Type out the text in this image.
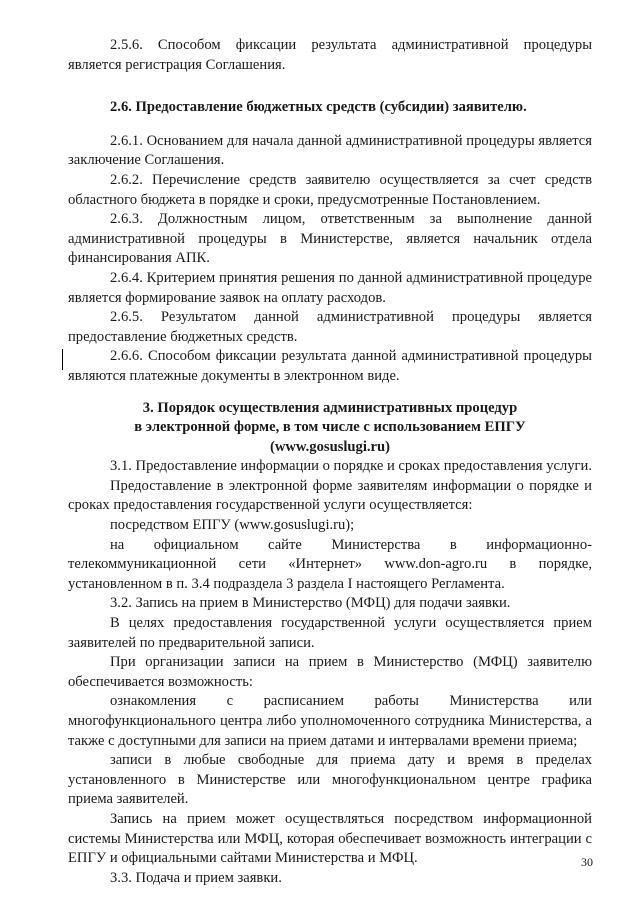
2.5.6. Способом фиксации результата административной процедуры является регистрация Соглашения.

2.6. Предоставление бюджетных средств (субсидии) заявителю.

2.6.1. Основанием для начала данной административной процедуры является заключение Соглашения.

2.6.2. Перечисление средств заявителю осуществляется за счет средств областного бюджета в порядке и сроки, предусмотренные Постановлением.

2.6.3. Должностным лицом, ответственным за выполнение данной административной процедуры в Министерстве, является начальник отдела финансирования АПК.

2.6.4. Критерием принятия решения по данной административной процедуре является формирование заявок на оплату расходов.

2.6.5. Результатом данной административной процедуры является предоставление бюджетных средств.

2.6.6. Способом фиксации результата данной административной процедуры являются платежные документы в электронном виде.

3. Порядок осуществления административных процедур
в электронной форме, в том числе с использованием ЕПГУ
(www.gosuslugi.ru)

3.1. Предоставление информации о порядке и сроках предоставления услуги.

Предоставление в электронной форме заявителям информации о порядке и сроках предоставления государственной услуги осуществляется:

посредством ЕПГУ (www.gosuslugi.ru);

на официальном сайте Министерства в информационно-телекоммуникационной сети «Интернет» www.don-agro.ru в порядке, установленном в п. 3.4 подраздела 3 раздела I настоящего Регламента.

3.2. Запись на прием в Министерство (МФЦ) для подачи заявки.

В целях предоставления государственной услуги осуществляется прием заявителей по предварительной записи.

При организации записи на прием в Министерство (МФЦ) заявителю обеспечивается возможность:

ознакомления с расписанием работы Министерства или многофункционального центра либо уполномоченного сотрудника Министерства, а также с доступными для записи на прием датами и интервалами времени приема;

записи в любые свободные для приема дату и время в пределах установленного в Министерстве или многофункциональном центре графика приема заявителей.

Запись на прием может осуществляться посредством информационной системы Министерства или МФЦ, которая обеспечивает возможность интеграции с ЕПГУ и официальными сайтами Министерства и МФЦ.

3.3. Подача и прием заявки.

30
